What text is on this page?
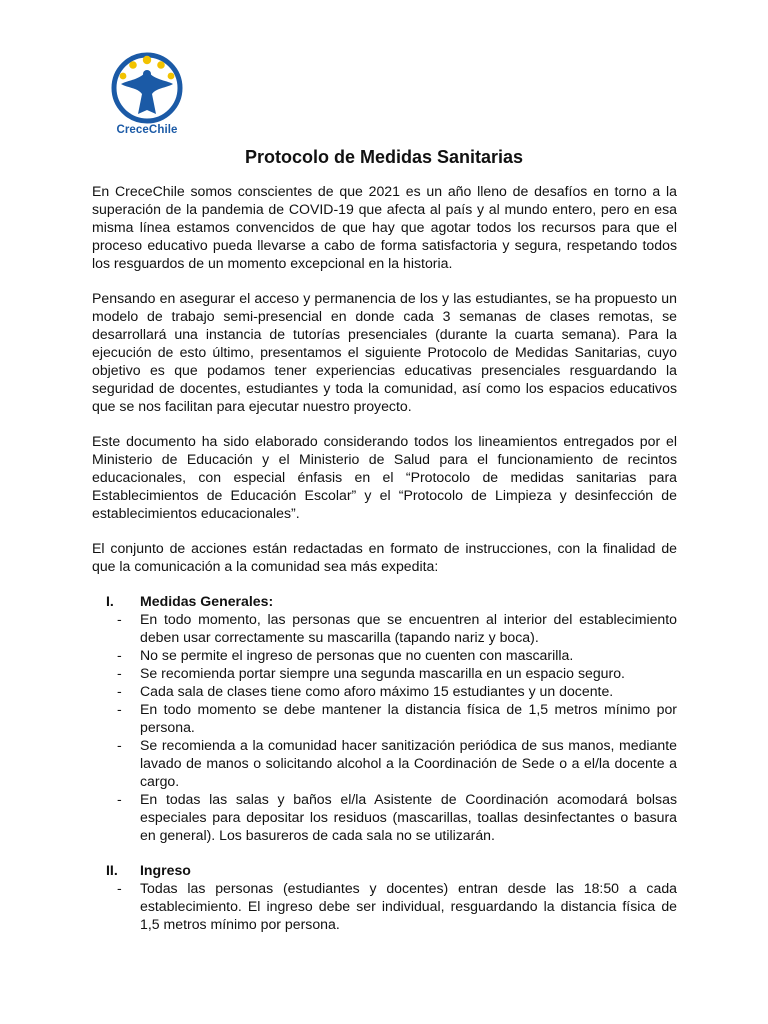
CreceChile
Protocolo de Medidas Sanitarias

En CreceChile somos conscientes de que 2021 es un año lleno de desafíos en torno a la superación de la pandemia de COVID-19 que afecta al país y al mundo entero, pero en esa misma línea estamos convencidos de que hay que agotar todos los recursos para que el proceso educativo pueda llevarse a cabo de forma satisfactoria y segura, respetando todos los resguardos de un momento excepcional en la historia.

Pensando en asegurar el acceso y permanencia de los y las estudiantes, se ha propuesto un modelo de trabajo semi-presencial en donde cada 3 semanas de clases remotas, se desarrollará una instancia de tutorías presenciales (durante la cuarta semana). Para la ejecución de esto último, presentamos el siguiente Protocolo de Medidas Sanitarias, cuyo objetivo es que podamos tener experiencias educativas presenciales resguardando la seguridad de docentes, estudiantes y toda la comunidad, así como los espacios educativos que se nos facilitan para ejecutar nuestro proyecto.

Este documento ha sido elaborado considerando todos los lineamientos entregados por el Ministerio de Educación y el Ministerio de Salud para el funcionamiento de recintos educacionales, con especial énfasis en el “Protocolo de medidas sanitarias para Establecimientos de Educación Escolar” y el “Protocolo de Limpieza y desinfección de establecimientos educacionales”.

El conjunto de acciones están redactadas en formato de instrucciones, con la finalidad de que la comunicación a la comunidad sea más expedita:

I. Medidas Generales:
- En todo momento, las personas que se encuentren al interior del establecimiento deben usar correctamente su mascarilla (tapando nariz y boca).
- No se permite el ingreso de personas que no cuenten con mascarilla.
- Se recomienda portar siempre una segunda mascarilla en un espacio seguro.
- Cada sala de clases tiene como aforo máximo 15 estudiantes y un docente.
- En todo momento se debe mantener la distancia física de 1,5 metros mínimo por persona.
- Se recomienda a la comunidad hacer sanitización periódica de sus manos, mediante lavado de manos o solicitando alcohol a la Coordinación de Sede o a el/la docente a cargo.
- En todas las salas y baños el/la Asistente de Coordinación acomodará bolsas especiales para depositar los residuos (mascarillas, toallas desinfectantes o basura en general). Los basureros de cada sala no se utilizarán.
II. Ingreso
- Todas las personas (estudiantes y docentes) entran desde las 18:50 a cada establecimiento. El ingreso debe ser individual, resguardando la distancia física de 1,5 metros mínimo por persona.
